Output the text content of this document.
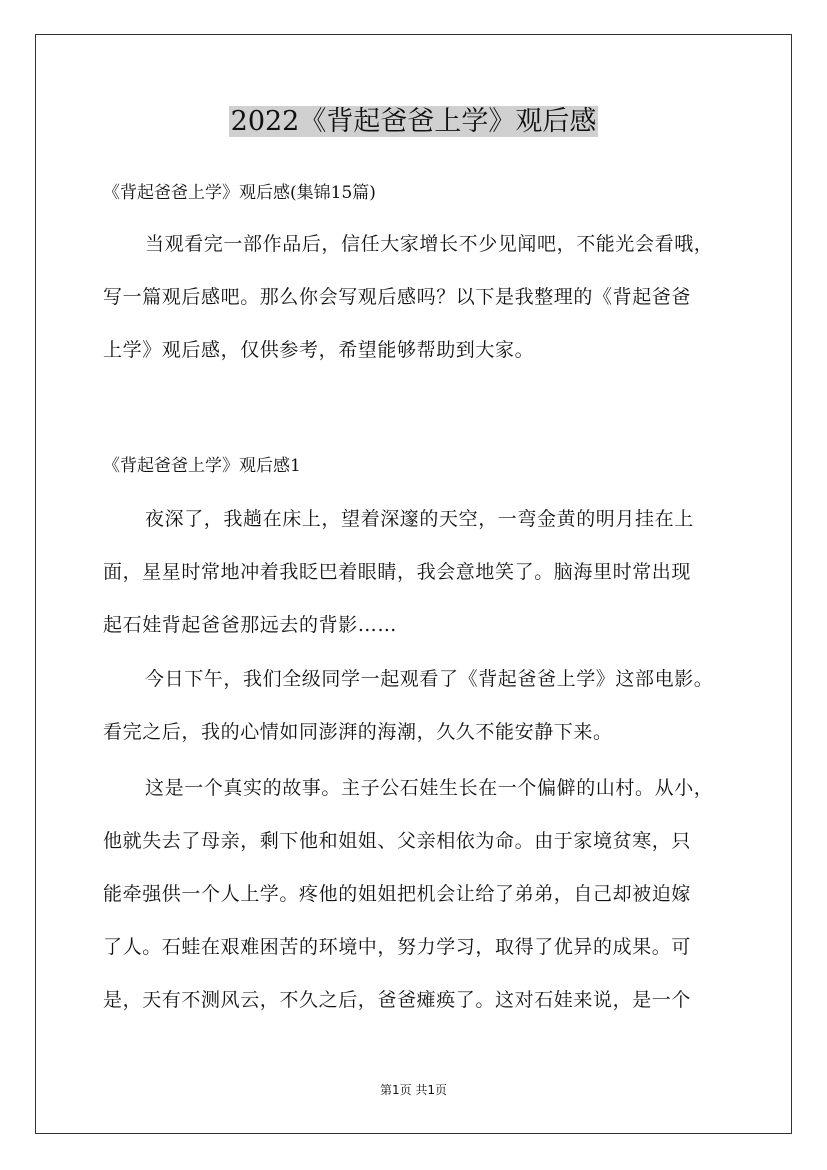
2022《背起爸爸上学》观后感
《背起爸爸上学》观后感(集锦15篇)
当观看完一部作品后，信任大家增长不少见闻吧，不能光会看哦，
写一篇观后感吧。那么你会写观后感吗？以下是我整理的《背起爸爸
上学》观后感，仅供参考，希望能够帮助到大家。
《背起爸爸上学》观后感1
夜深了，我趟在床上，望着深邃的天空，一弯金黄的明月挂在上
面，星星时常地冲着我眨巴着眼睛，我会意地笑了。脑海里时常出现
起石娃背起爸爸那远去的背影……
今日下午，我们全级同学一起观看了《背起爸爸上学》这部电影。
看完之后，我的心情如同澎湃的海潮，久久不能安静下来。
这是一个真实的故事。主子公石娃生长在一个偏僻的山村。从小，
他就失去了母亲，剩下他和姐姐、父亲相依为命。由于家境贫寒，只
能牵强供一个人上学。疼他的姐姐把机会让给了弟弟，自己却被迫嫁
了人。石蛙在艰难困苦的环境中，努力学习，取得了优异的成果。可
是，天有不测风云，不久之后，爸爸瘫痪了。这对石娃来说，是一个
第1页 共1页
